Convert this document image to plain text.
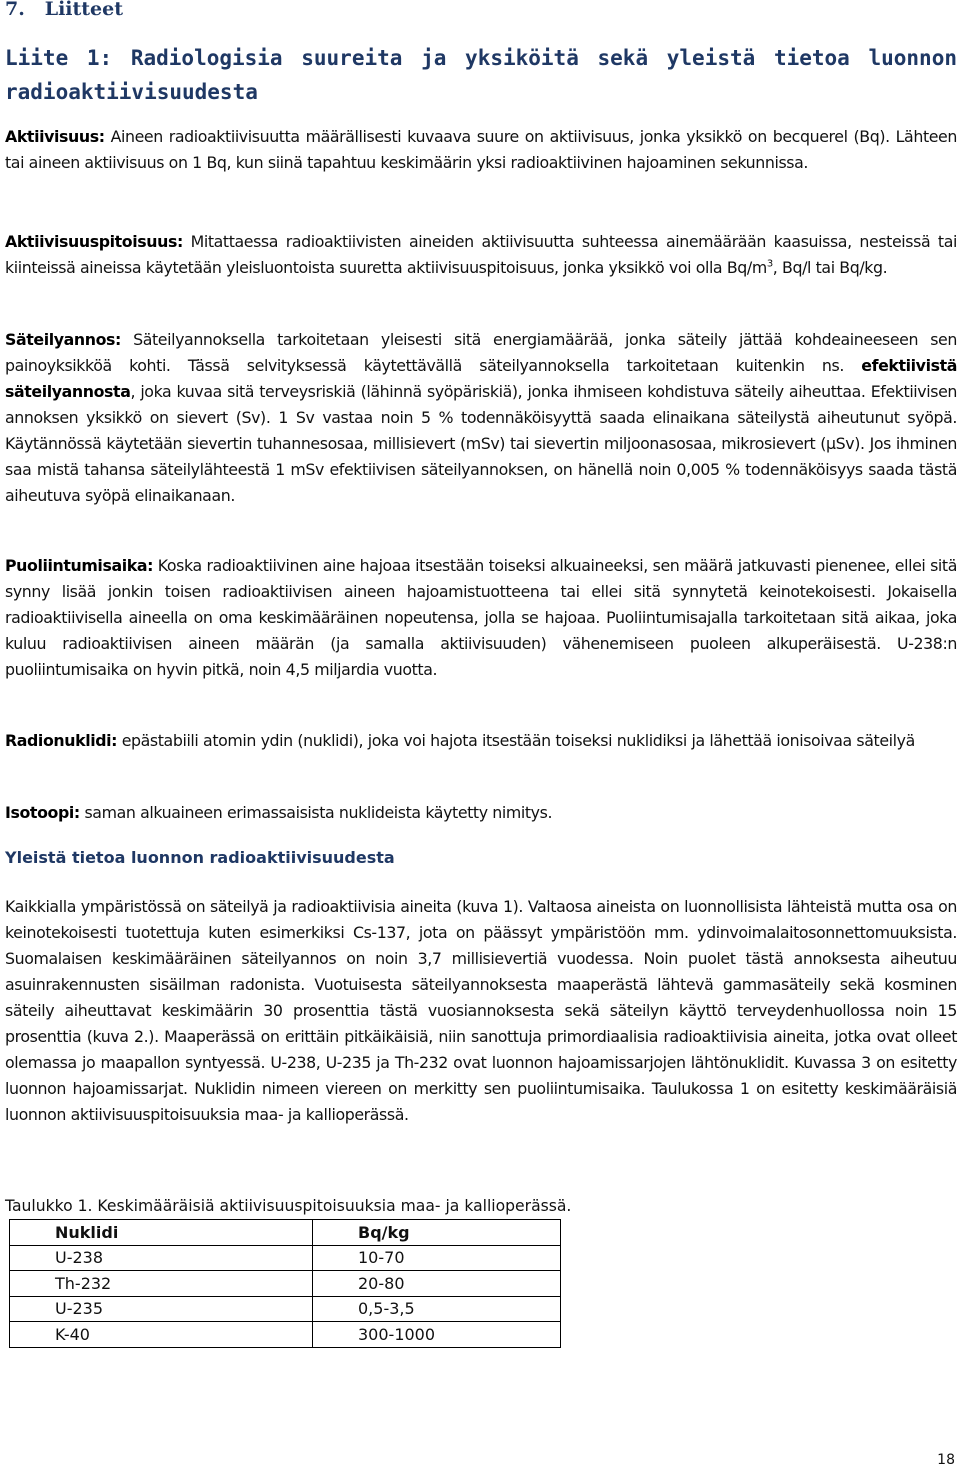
7. Liitteet
Liite 1: Radiologisia suureita ja yksiköitä sekä yleistä tietoa luonnon radioaktiivisuudesta

Aktiivisuus: Aineen radioaktiivisuutta määrällisesti kuvaava suure on aktiivisuus, jonka yksikkö on becquerel (Bq). Lähteen tai aineen aktiivisuus on 1 Bq, kun siinä tapahtuu keskimäärin yksi radioaktiivinen hajoaminen sekunnissa.

Aktiivisuuspitoisuus: Mitattaessa radioaktiivisten aineiden aktiivisuutta suhteessa ainemäärään kaasuissa, nesteissä tai kiinteissä aineissa käytetään yleisluontoista suuretta aktiivisuuspitoisuus, jonka yksikkö voi olla $Bq/m^3$, Bq/l tai Bq/kg.

Säteilyannos: Säteilyannoksella tarkoitetaan yleisesti sitä energiamäärää, jonka säteily jättää kohdeaineeseen sen painoyksikköä kohti. Tässä selvityksessä käytettävällä säteilyannoksella tarkoitetaan kuitenkin ns. efektiivistä säteilyannosta, joka kuvaa sitä terveysriskiä (lähinnä syöpäriskiä), jonka ihmiseen kohdistuva säteily aiheuttaa. Efektiivisen annoksen yksikkö on sievert (Sv). 1 Sv vastaa noin 5 % todennäköisyyttä saada elinaikana säteilystä aiheutunut syöpä. Käytännössä käytetään sievertin tuhannesosaa, millisievert (mSv) tai sievertin miljoonasosaa, mikrosievert (μSv). Jos ihminen saa mistä tahansa säteilylähteestä 1 mSv efektiivisen säteilyannoksen, on hänellä noin 0,005 % todennäköisyys saada tästä aiheutuva syöpä elinaikanaan.

Puoliintumisaika: Koska radioaktiivinen aine hajoaa itsestään toiseksi alkuaineeksi, sen määrä jatkuvasti pienenee, ellei sitä synny lisää jonkin toisen radioaktiivisen aineen hajoamistuotteena tai ellei sitä synnytetä keinotekoisesti. Jokaisella radioaktiivisella aineella on oma keskimääräinen nopeutensa, jolla se hajoaa. Puoliintumisajalla tarkoitetaan sitä aikaa, joka kuluu radioaktiivisen aineen määrän (ja samalla aktiivisuuden) vähenemiseen puoleen alkuperäisestä. U-238:n puoliintumisaika on hyvin pitkä, noin 4,5 miljardia vuotta.

Radionuklidi: epästabiili atomin ydin (nuklidi), joka voi hajota itsestään toiseksi nuklidiksi ja lähettää ionisoivaa säteilyä

Isotoopi: saman alkuaineen erimassaisista nuklideista käytetty nimitys.

Yleistä tietoa luonnon radioaktiivisuudesta

Kaikkialla ympäristössä on säteilyä ja radioaktiivisia aineita (kuva 1). Valtaosa aineista on luonnollisista lähteistä mutta osa on keinotekoisesti tuotettuja kuten esimerkiksi Cs-137, jota on päässyt ympäristöön mm. ydinvoimalaitosonnettomuuksista. Suomalaisen keskimääräinen säteilyannos on noin 3,7 millisievertiä vuodessa. Noin puolet tästä annoksesta aiheutuu asuinrakennusten sisäilman radonista. Vuotuisesta säteilyannoksesta maaperästä lähtevä gammasäteily sekä kosminen säteily aiheuttavat keskimäärin 30 prosenttia tästä vuosiannoksesta sekä säteilyn käyttö terveydenhuollossa noin 15 prosenttia (kuva 2.). Maaperässä on erittäin pitkäikäisiä, niin sanottuja primordiaalisia radioaktiivisia aineita, jotka ovat olleet olemassa jo maapallon syntyessä. U-238, U-235 ja Th-232 ovat luonnon hajoamissarjojen lähtönuklidit. Kuvassa 3 on esitetty luonnon hajoamissarjat. Nuklidin nimeen viereen on merkitty sen puoliintumisaika. Taulukossa 1 on esitetty keskimääräisiä luonnon aktiivisuuspitoisuuksia maa- ja kallioperässä.

Taulukko 1. Keskimääräisiä aktiivisuuspitoisuuksia maa- ja kallioperässä.

Nuklidi	Bq/kg
U-238	10-70
Th-232	20-80
U-235	0,5-3,5
K-40	300-1000
18
